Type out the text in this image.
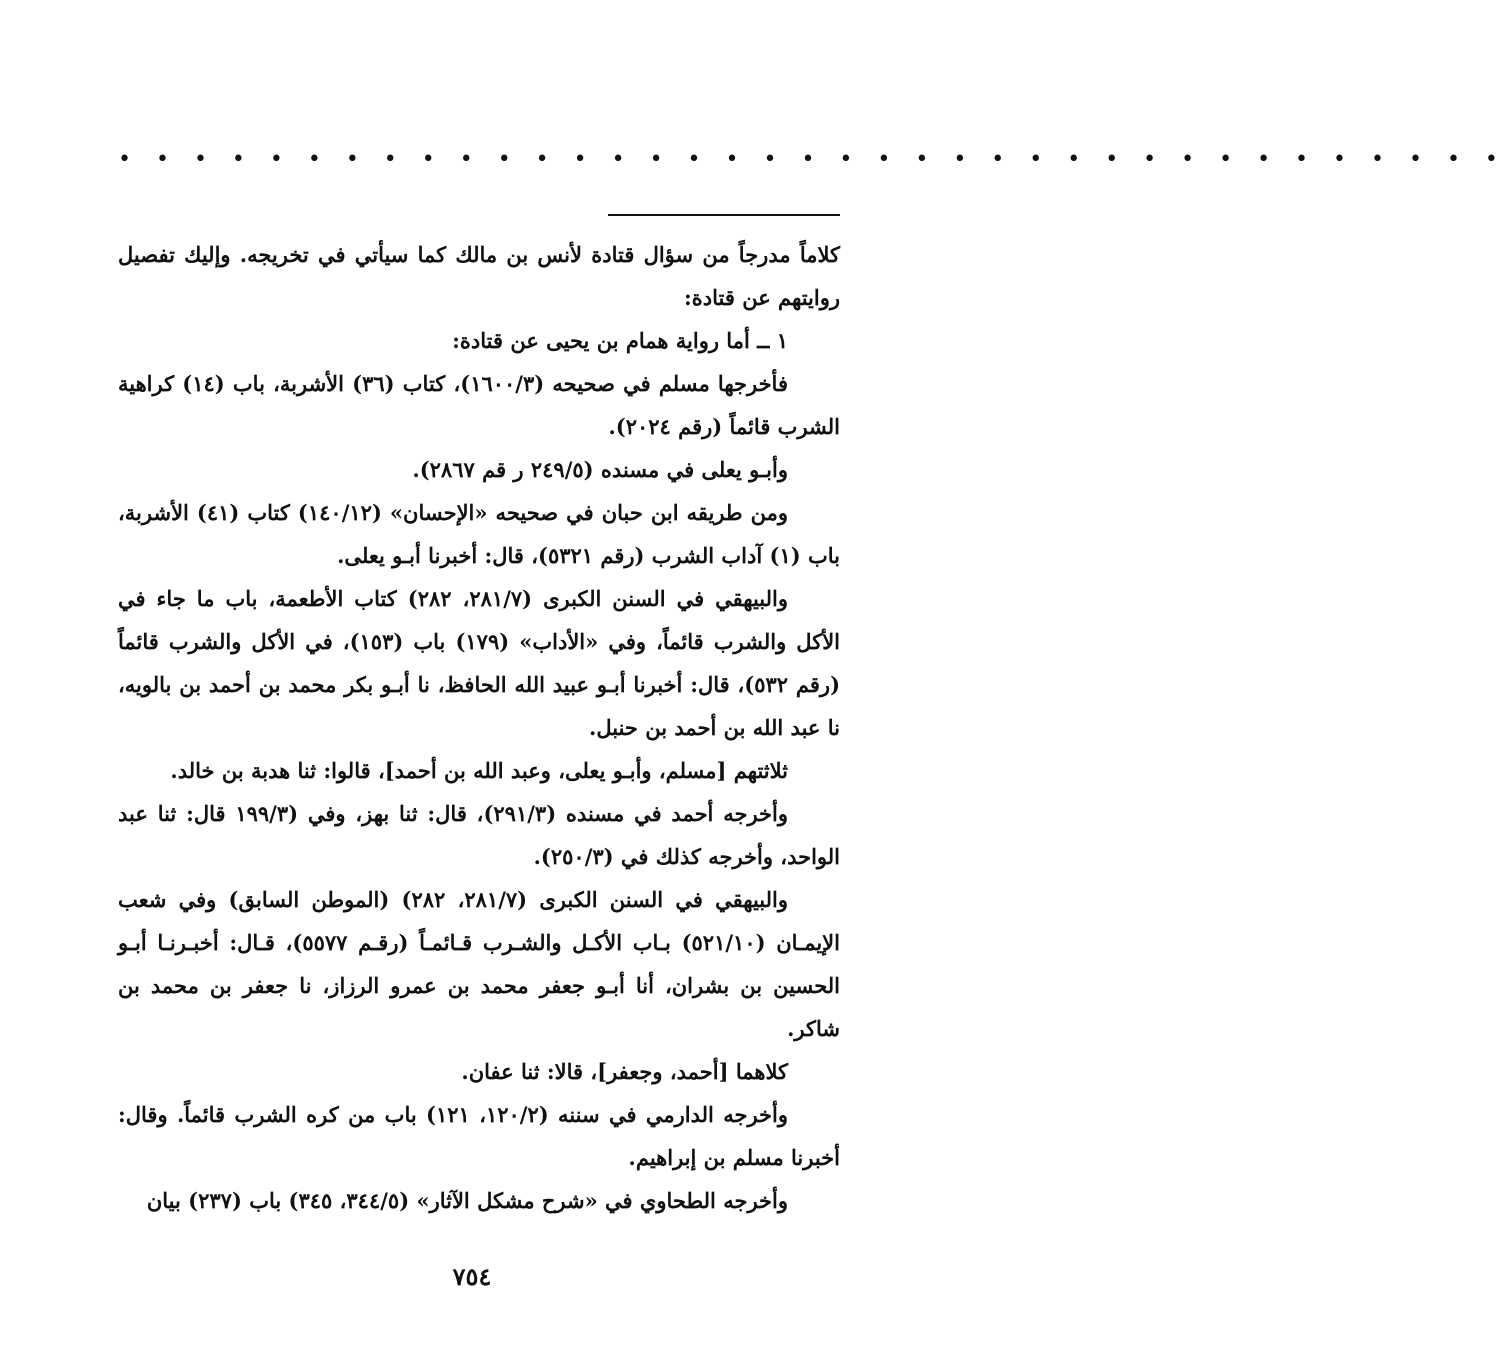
• • • • • • • • • • • • • • • • • • • • • • • • • • • • • • • • • • • • •

كلاماً مدرجاً من سؤال قتادة لأنس بن مالك كما سيأتي في تخريجه. وإليك تفصيل روايتهم عن قتادة:

١ ــ أما رواية همام بن يحيى عن قتادة:

فأخرجها مسلم في صحيحه (١٦٠٠/٣)، كتاب (٣٦) الأشربة، باب (١٤) كراهية الشرب قائماً (رقم ٢٠٢٤).

وأبـو يعلى في مسنده (٢٤٩/٥ ر قم ٢٨٦٧).

ومن طريقه ابن حبان في صحيحه «الإحسان» (١٤٠/١٢) كتاب (٤١) الأشربة، باب (١) آداب الشرب (رقم ٥٣٢١)، قال: أخبرنا أبـو يعلى.

والبيهقي في السنن الكبرى (٢٨١/٧، ٢٨٢) كتاب الأطعمة، باب ما جاء في الأكل والشرب قائماً، وفي «الأداب» (١٧٩) باب (١٥٣)، في الأكل والشرب قائماً (رقم ٥٣٢)، قال: أخبرنا أبـو عبيد الله الحافظ، نا أبـو بكر محمد بن أحمد بن بالويه، نا عبد الله بن أحمد بن حنبل.

ثلاثتهم [مسلم، وأبـو يعلى، وعبد الله بن أحمد]، قالوا: ثنا هدبة بن خالد.

وأخرجه أحمد في مسنده (٢٩١/٣)، قال: ثنا بهز، وفي (١٩٩/٣ قال: ثنا عبد الواحد، وأخرجه كذلك في (٢٥٠/٣).

والبيهقي في السنن الكبرى (٢٨١/٧، ٢٨٢) (الموطن السابق) وفي شعب الإيمـان (٥٢١/١٠) بـاب الأكـل والشـرب قـائمـاً (رقـم ٥٥٧٧)، قـال: أخبـرنـا أبـو الحسين بن بشران، أنا أبـو جعفر محمد بن عمرو الرزاز، نا جعفر بن محمد بن شاكر.

كلاهما [أحمد، وجعفر]، قالا: ثنا عفان.

وأخرجه الدارمي في سننه (١٢٠/٢، ١٢١) باب من كره الشرب قائماً. وقال: أخبرنا مسلم بن إبراهيم.

وأخرجه الطحاوي في «شرح مشكل الآثار» (٣٤٤/٥، ٣٤٥) باب (٢٣٧) بيان

٧٥٤
